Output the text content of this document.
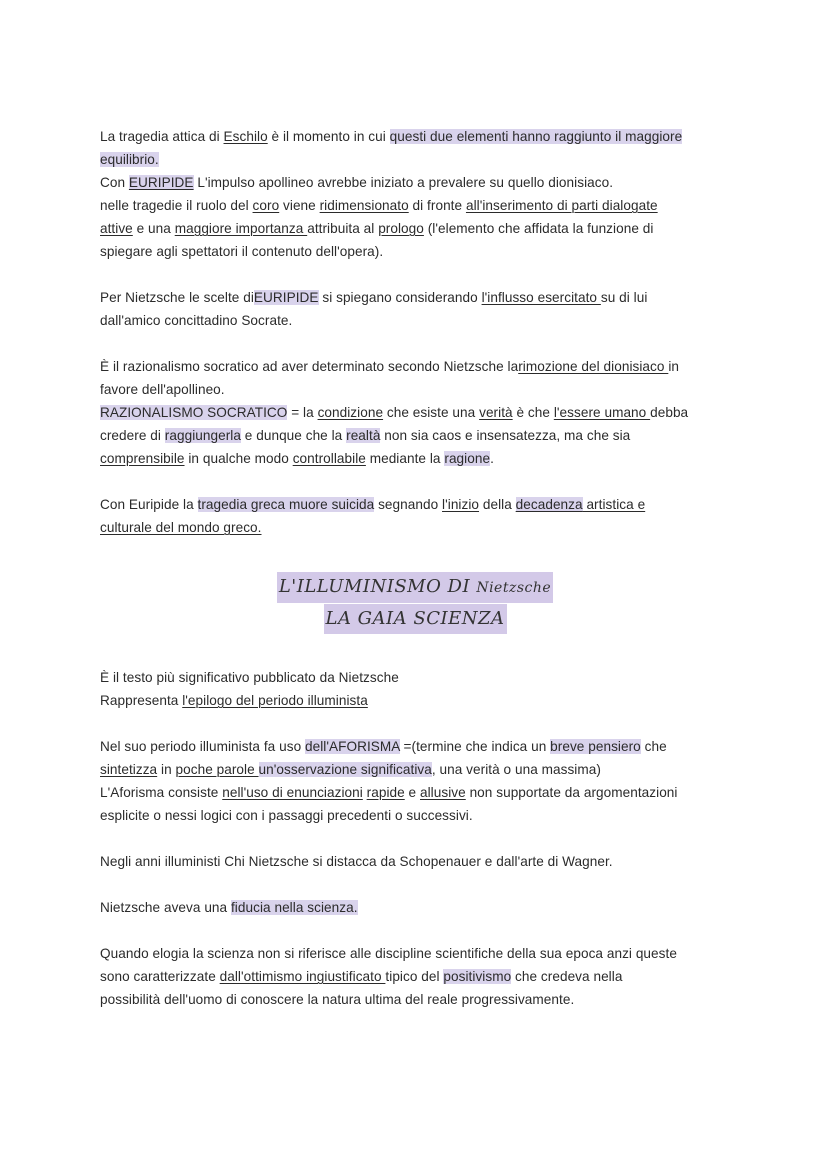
La tragedia attica di Eschilo è il momento in cui questi due elementi hanno raggiunto il maggiore
equilibrio.
Con EURIPIDE L'impulso apollineo avrebbe iniziato a prevalere su quello dionisiaco.
nelle tragedie il ruolo del coro viene ridimensionato di fronte all'inserimento di parti dialogate
attive e una maggiore importanza attribuita al prologo (l'elemento che affidata la funzione di
spiegare agli spettatori il contenuto dell'opera).
Per Nietzsche le scelte diEURIPIDE si spiegano considerando l'influsso esercitato su di lui
dall'amico concittadino Socrate.
È il razionalismo socratico ad aver determinato secondo Nietzsche larimozione del dionisiaco in
favore dell'apollineo.
RAZIONALISMO SOCRATICO = la condizione che esiste una verità è che l'essere umano debba
credere di raggiungerla e dunque che la realtà non sia caos e insensatezza, ma che sia
comprensibile in qualche modo controllabile mediante la ragione.
Con Euripide la tragedia greca muore suicida segnando l'inizio della decadenza artistica e
culturale del mondo greco.
L'ILLUMINISMO DI Nietzsche
LA GAIA SCIENZA
È il testo più significativo pubblicato da Nietzsche
Rappresenta l'epilogo del periodo illuminista
Nel suo periodo illuminista fa uso dell'AFORISMA =(termine che indica un breve pensiero che
sintetizza in poche parole un'osservazione significativa, una verità o una massima)
L'Aforisma consiste nell'uso di enunciazioni rapide e allusive non supportate da argomentazioni
esplicite o nessi logici con i passaggi precedenti o successivi.
Negli anni illuministi Chi Nietzsche si distacca da Schopenauer e dall'arte di Wagner.
Nietzsche aveva una fiducia nella scienza.
Quando elogia la scienza non si riferisce alle discipline scientifiche della sua epoca anzi queste
sono caratterizzate dall'ottimismo ingiustificato tipico del positivismo che credeva nella
possibilità dell'uomo di conoscere la natura ultima del reale progressivamente.
